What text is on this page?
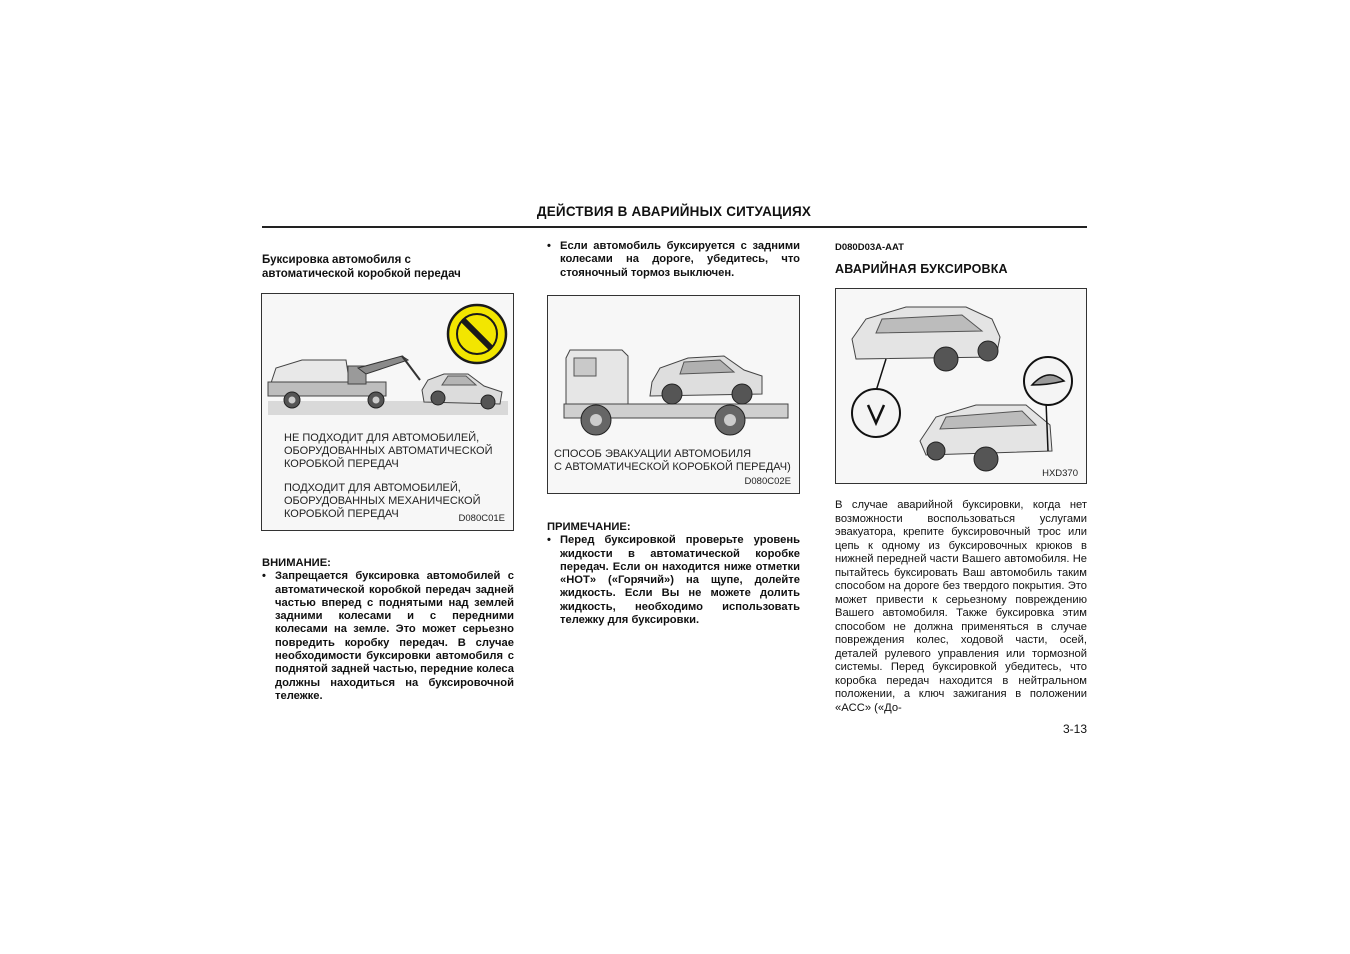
ДЕЙСТВИЯ В АВАРИЙНЫХ СИТУАЦИЯХ
Буксировка автомобиля с
автоматической коробкой передач
НЕ ПОДХОДИТ ДЛЯ АВТОМОБИЛЕЙ,
ОБОРУДОВАННЫХ АВТОМАТИЧЕСКОЙ
КОРОБКОЙ ПЕРЕДАЧ
ПОДХОДИТ ДЛЯ АВТОМОБИЛЕЙ,
ОБОРУДОВАННЫХ МЕХАНИЧЕСКОЙ
КОРОБКОЙ ПЕРЕДАЧ	D080C01E
ВНИМАНИЕ:
• Запрещается буксировка автомобилей с автоматической коробкой передач задней частью вперед с поднятыми над землей задними колесами и с передними колесами на земле. Это может серьезно повредить коробку передач. В случае необходимости буксировки автомобиля с поднятой задней частью, передние колеса должны находиться на буксировочной тележке.
• Если автомобиль буксируется с задними колесами на дороге, убедитесь, что стояночный тормоз выключен.
СПОСОБ ЭВАКУАЦИИ АВТОМОБИЛЯ
С АВТОМАТИЧЕСКОЙ КОРОБКОЙ ПЕРЕДАЧ)
D080C02E
ПРИМЕЧАНИЕ:
• Перед буксировкой проверьте уровень жидкости в автоматической коробке передач. Если он находится ниже отметки «HOT» («Горячий») на щупе, долейте жидкость. Если Вы не можете долить жидкость, необходимо использовать тележку для буксировки.
D080D03A-AAT
АВАРИЙНАЯ БУКСИРОВКА
HXD370
В случае аварийной буксировки, когда нет возможности воспользоваться услугами эвакуатора, крепите буксировочный трос или цепь к одному из буксировочных крюков в нижней передней части Вашего автомобиля. Не пытайтесь буксировать Ваш автомобиль таким способом на дороге без твердого покрытия. Это может привести к серьезному повреждению Вашего автомобиля. Также буксировка этим способом не должна применяться в случае повреждения колес, ходовой части, осей, деталей рулевого управления или тормозной системы. Перед буксировкой убедитесь, что коробка передач находится в нейтральном положении, а ключ зажигания в положении «ACC» («До-
3-13
